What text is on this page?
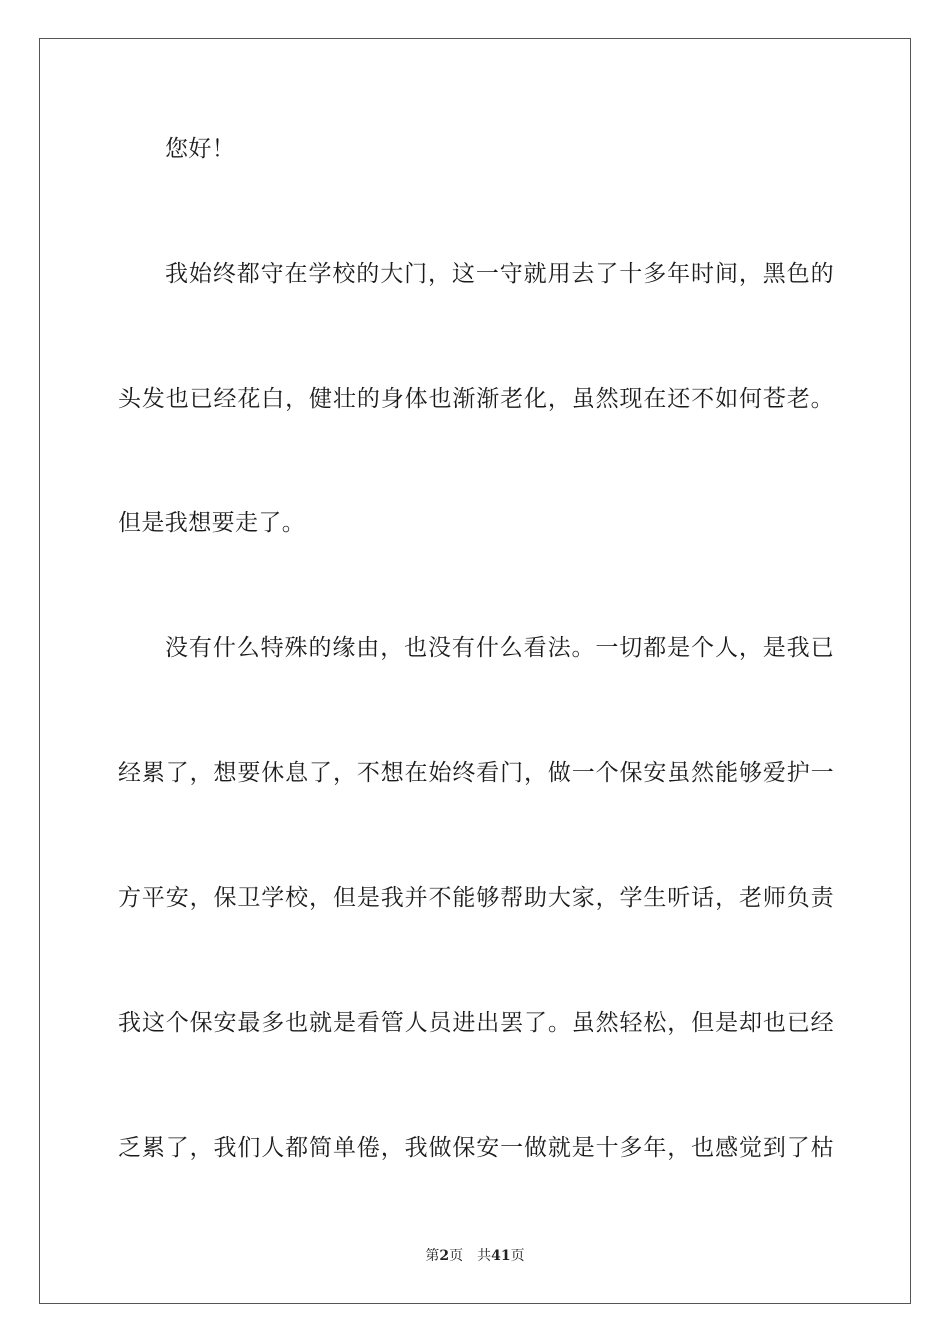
您好！
我始终都守在学校的大门，这一守就用去了十多年时间，黑色的
头发也已经花白，健壮的身体也渐渐老化，虽然现在还不如何苍老。
但是我想要走了。
没有什么特殊的缘由，也没有什么看法。一切都是个人，是我已
经累了，想要休息了，不想在始终看门，做一个保安虽然能够爱护一
方平安，保卫学校，但是我并不能够帮助大家，学生听话，老师负责
我这个保安最多也就是看管人员进出罢了。虽然轻松，但是却也已经
乏累了，我们人都简单倦，我做保安一做就是十多年，也感觉到了枯
第2页 共41页
